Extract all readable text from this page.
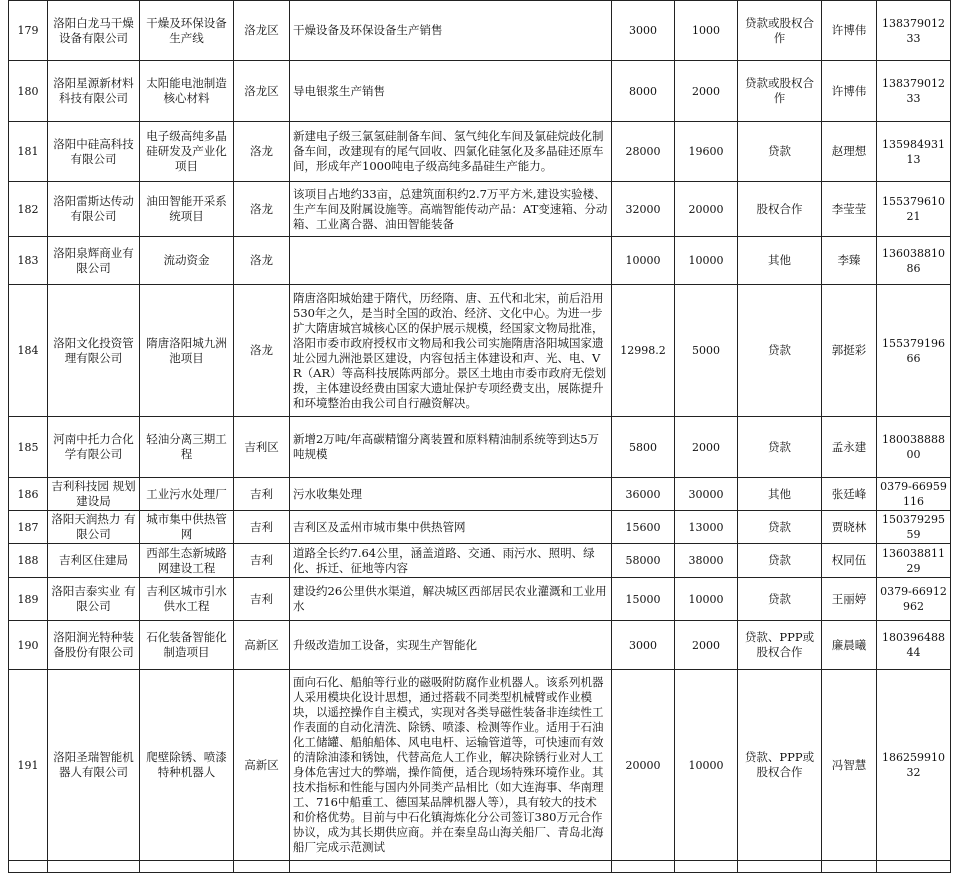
179	洛阳白龙马干燥设备有限公司	干燥及环保设备生产线	洛龙区	干燥设备及环保设备生产销售	3000	1000	贷款或股权合作	许博伟	13837901233
180	洛阳星源新材料科技有限公司	太阳能电池制造核心材料	洛龙区	导电银浆生产销售	8000	2000	贷款或股权合作	许博伟	13837901233
181	洛阳中硅高科技有限公司	电子级高纯多晶硅研发及产业化项目	洛龙	新建电子级三氯氢硅制备车间、氢气纯化车间及氯硅烷歧化制备车间，改建现有的尾气回收、四氯化硅氢化及多晶硅还原车间，形成年产1000吨电子级高纯多晶硅生产能力。	28000	19600	贷款	赵理想	13598493113
182	洛阳雷斯达传动有限公司	油田智能开采系统项目	洛龙	该项目占地约33亩，总建筑面积约2.7万平方米,建设实验楼、生产车间及附属设施等。高端智能传动产品：AT变速箱、分动箱、工业离合器、油田智能装备	32000	20000	股权合作	李莹莹	15537961021
183	洛阳泉辉商业有限公司	流动资金	洛龙		10000	10000	其他	李臻	13603881086
184	洛阳文化投资管理有限公司	隋唐洛阳城九洲池项目	洛龙	隋唐洛阳城始建于隋代，历经隋、唐、五代和北宋，前后沿用530年之久，是当时全国的政治、经济、文化中心。为进一步扩大隋唐城宫城核心区的保护展示规模，经国家文物局批准，洛阳市委市政府授权市文物局和我公司实施隋唐洛阳城国家遗址公园九洲池景区建设，内容包括主体建设和声、光、电、VR（AR）等高科技展陈两部分。景区土地由市委市政府无偿划拨，主体建设经费由国家大遗址保护专项经费支出，展陈提升和环境整治由我公司自行融资解决。	12998.2	5000	贷款	郭挺彩	15537919666
185	河南中托力合化学有限公司	轻油分离三期工程	吉利区	新增2万吨/年高碳精馏分离装置和原料精油制系统等到达5万吨规模	5800	2000	贷款	孟永建	18003888800
186	吉利科技园 规划建设局	工业污水处理厂	吉利	污水收集处理	36000	30000	其他	张廷峰	0379-66959116
187	洛阳天润热力 有限公司	城市集中供热管网	吉利	吉利区及孟州市城市集中供热管网	15600	13000	贷款	贾晓林	15037929559
188	吉利区住建局	西部生态新城路网建设工程	吉利	道路全长约7.64公里，涵盖道路、交通、雨污水、照明、绿化、拆迁、征地等内容	58000	38000	贷款	权同伍	13603881129
189	洛阳吉泰实业 有限公司	吉利区城市引水供水工程	吉利	建设约26公里供水渠道，解决城区西部居民农业灌溉和工业用水	15000	10000	贷款	王丽婷	0379-66912962
190	洛阳涧光特种装备股份有限公司	石化装备智能化制造项目	高新区	升级改造加工设备，实现生产智能化	3000	2000	贷款、PPP或股权合作	廉晨曦	18039648844
191	洛阳圣瑞智能机器人有限公司	爬壁除锈、喷漆特种机器人	高新区	面向石化、船舶等行业的磁吸附防腐作业机器人。该系列机器人采用模块化设计思想，通过搭载不同类型机械臂或作业模块，以遥控操作自主模式，实现对各类导磁性装备非连续性工作表面的自动化清洗、除锈、喷漆、检测等作业。适用于石油化工储罐、船舶船体、风电电杆、运输管道等，可快速而有效的清除油漆和锈蚀，代替高危人工作业，解决除锈行业对人工身体危害过大的弊端，操作简便，适合现场特殊环境作业。其技术指标和性能与国内外同类产品相比（如大连海事、华南理工、716中船重工、德国某品牌机器人等），具有较大的技术和价格优势。目前与中石化镇海炼化分公司签订380万元合作协议，成为其长期供应商。并在秦皇岛山海关船厂、青岛北海船厂完成示范测试	20000	10000	贷款、PPP或股权合作	冯智慧	18625991032
